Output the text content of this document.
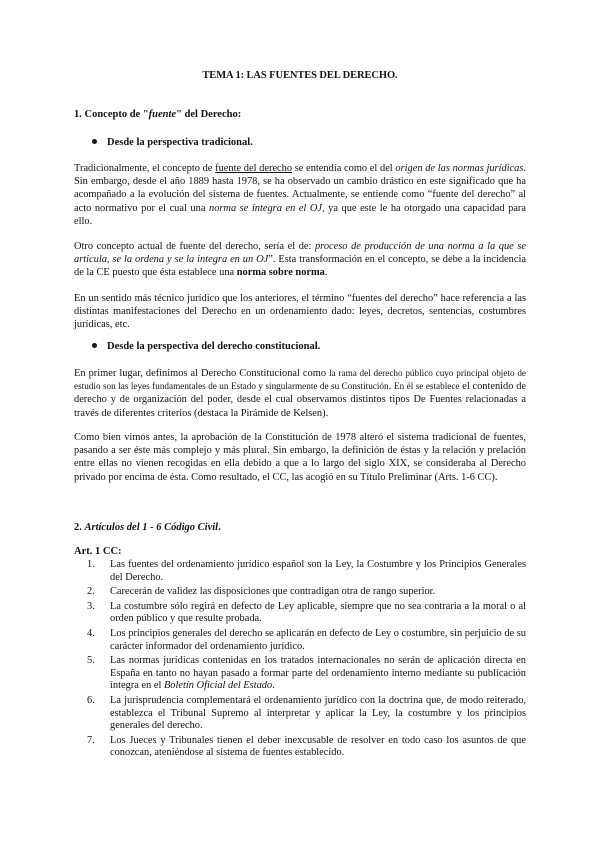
TEMA 1: LAS FUENTES DEL DERECHO.
1. Concepto de "fuente" del Derecho:
Desde la perspectiva tradicional.
Tradicionalmente, el concepto de fuente del derecho se entendía como el del origen de las normas jurídicas. Sin embargo, desde el año 1889 hasta 1978, se ha observado un cambio drástico en este significado que ha acompañado a la evolución del sistema de fuentes. Actualmente, se entiende como “fuente del derecho” al acto normativo por el cual una norma se integra en el OJ, ya que este le ha otorgado una capacidad para ello.
Otro concepto actual de fuente del derecho, sería el de: proceso de producción de una norma a la que se articula, se la ordena y se la integra en un OJ”. Esta transformación en el concepto, se debe a la incidencia de la CE puesto que ésta establece una norma sobre norma.
En un sentido más técnico jurídico que los anteriores, el término “fuentes del derecho” hace referencia a las distintas manifestaciones del Derecho en un ordenamiento dado: leyes, decretos, sentencias, costumbres jurídicas, etc.
Desde la perspectiva del derecho constitucional.
En primer lugar, definimos al Derecho Constitucional como la rama del derecho público cuyo principal objeto de estudio son las leyes fundamentales de un Estado y singularmente de su Constitución. En él se establece el contenido de derecho y de organización del poder, desde el cual observamos distintos tipos De Fuentes relacionadas a través de diferentes criterios (destaca la Pirámide de Kelsen).
Como bien vimos antes, la aprobación de la Constitución de 1978 alteró el sistema tradicional de fuentes, pasando a ser éste más complejo y más plural. Sin embargo, la definición de éstas y la relación y prelación entre ellas no vienen recogidas en ella debido a que a lo largo del siglo XIX, se consideraba al Derecho privado por encima de ésta. Como resultado, el CC, las acogió en su Título Preliminar (Arts. 1-6 CC).
2. Artículos del 1 - 6 Código Civil.
Art. 1 CC:
1. Las fuentes del ordenamiento jurídico español son la Ley, la Costumbre y los Principios Generales del Derecho.
2. Carecerán de validez las disposiciones que contradigan otra de rango superior.
3. La costumbre sólo regirá en defecto de Ley aplicable, siempre que no sea contraria a la moral o al orden público y que resulte probada.
4. Los principios generales del derecho se aplicarán en defecto de Ley o costumbre, sin perjuicio de su carácter informador del ordenamiento jurídico.
5. Las normas jurídicas contenidas en los tratados internacionales no serán de aplicación directa en España en tanto no hayan pasado a formar parte del ordenamiento interno mediante su publicación íntegra en el Boletín Oficial del Estado.
6. La jurisprudencia complementará el ordenamiento jurídico con la doctrina que, de modo reiterado, establezca el Tribunal Supremo al interpretar y aplicar la Ley, la costumbre y los principios generales del derecho.
7. Los Jueces y Tribunales tienen el deber inexcusable de resolver en todo caso los asuntos de que conozcan, ateniéndose al sistema de fuentes establecido.
